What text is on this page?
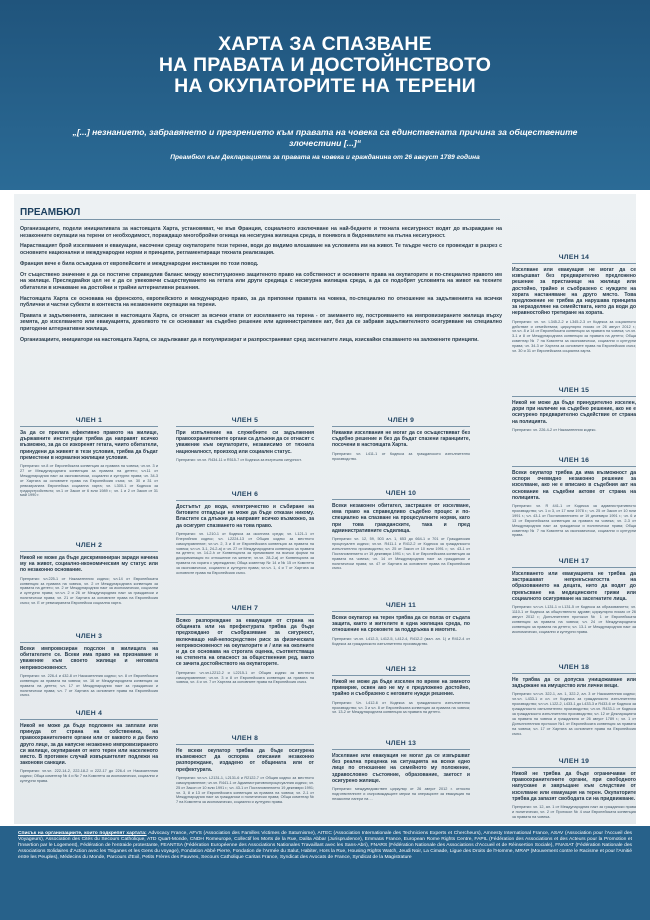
ХАРТА ЗА СПАЗВАНЕ
НА ПРАВАТА И ДОСТОЙНСТВОТО
НА ОКУПАТОРИТЕ НА ТЕРЕНИ

„[...] незнанието, забравянето и презрението към правата на човека са единствената причина за обществените злочестини [...]“

Преамбюл към Декларацията за правата на човека и гражданина от 26 август 1789 година

ПРЕАМБЮЛ

Организациите, подели инициативата за настоящата Харта, установяват, че във Франция, социалното изключване на най-бедните и тяхната несигурност водят до възраждане на незаконните окупации на терени от необходимост, пораждащо многобройни огнища на несигурна жилищна среда, в понякога в бидонвилите на пълна несигурност.

Нарастващият брой изселвания и евакуации, насочени срещу окупаторите тези терени, води до видимо влошаване на условията им на живот. Те таъдре често се провеждат в разрез с основните национални и международни норми и принципи, регламентиращи тяхната реализация.

Франция вече е била осъждана от европейските и международни инстанции по този повод.

От съществено значение е да се постигне справедлив баланс между конституционно защитеното право на собственост и основните права на окупаторите и по-специално правото им на жилище. Преследвайки цел не е да се увековечи съществуването на гетата или други средища с несигурна жилищна среда, а да се подобрят условията на живот на техните обитатели в изчакване на достойни и трайни алтернативни решения.

Настоящата Харта се основава на френското, европейското и международно право, за да припомни правата на човека, по-специално по отношение на задълженията на всички публични и частни субекти в контекста на незаконните окупации на терени.

Правата и задълженията, записани в настоящата Харта, се отнасят за всички етапи от изселването на терена - от заемането му, построяването на импровизираните жилища върху земята, до изселването или евакуацията, доколкото те се основават на съдебно решение или административен акт, без да се забравя задължителното осигуряване на специално пригодени алтернативни жилища.

Организациите, инициатори на настоящата Харта, се задължават да я популяризират и разпространяват сред засегнатите лица, изискайки спазването на заложените принципи.

ЧЛЕН 1
За да се прилага ефективно правото на жилище, държавните институции трябва да направят всичко възможно, за да се изкоренят гетата, чиито обитатели, принудени да живеят в тези условия, трябва да бъдат преместени в нормални жилищни условия.
Препратки: чл.8 от Европейската конвенция за правата на човека; чл.чл. 3 и 27 от Международната конвенция за правата на детето; чл.11 от Международния пакт за икономически, социални и културни права; чл. 34-3 от Хартата за основните права на Европейския съюз; чл. 30 и 31 от ревизираната Европейска социална харта; чл. L300-1 от Кодекса за градоустройството; чл.1 от Закон от 6 юли 1989 г.; чл. 1 и 2 от Закон от 31 май 1990 г.
ЧЛЕН 2
Никой не може да бъде дискриминиран заради начина му на живот, социално-икономическия му статус или по незаконно основание.
Препратки: чл.225-1 от Наказателния кодекс; чл.14 от Европейската конвенция за правата на човека, чл. 2 от Международната конвенция за правата на детето; чл. 2 от Международния пакт за икономически, социални и културни права; чл.чл. 2 и 26 от Международния пакт за граждански и политически права; чл. 21 от Хартата за основните права на Европейския съюз; чл. Е от ревизираната Европейска социална харта.
ЧЛЕН 3
Всеки импровизиран подслон в жилищата на обитателите се. Всеки има право на признаване и уважение към своето жилище и неговата неприкосновеност.
Препратки: чл. 226-4 и 432-8 от Наказателния кодекс; чл. 8 от Европейската конвенция за правата на човека; чл. 16 от Международната конвенция за правата на детето; чл. 17 от Международния пакт за граждански и политически права; чл. 7 от Хартата за основните права на Европейския съюз.
ЧЛЕН 4
Никой не може да бъде подложен на заплахи или принуда от страна на собственика, на правоохранителните органи или от каквото и да било друго лице, за да напусне незаконно импровизираното си жилище, окупирания от него терен или населеното място. В противен случай извършителят подлежи на законови санкции.
Препратки: чл.чл. 222-14-2, 222-18-2 и 222-17 до 226-4 от Наказателния кодекс; Обща коментар № 4 и № 7 на Комитета за икономически, социални и културни права.
ЧЛЕН 5
При изпълнение на служебните си задължения правоохранителните органи са длъжни да се отнасят с уважение към окупаторите, независимо от тяхната националност, произход или социален статус.
Препратки: чл.чл. R434-11 и R515-7 от Кодекса за вътрешна сигурност.
ЧЛЕН 6
Достъпът до вода, електричество и събиране на битовите отпадъци не може да бъде отказан никому. Властите са длъжни да направят всичко възможно, за да осигурят спазването на това право.
Препратки: чл. L210-1 от Кодекса за околната среда; чл. L121-1 от Енергийния кодекс; чл. L2224-13 от Общия кодекс за местното самоуправление; чл.чл. 2, 3 и 8 от Европейската конвенция за правата на човека; чл.чл. 3-1, 24-2-а) и чл. 27 от Международната конвенция за правата на детето; чл. 14-2-h от Конвенцията за премахване на всички форми на дискриминация по отношение на жените; чл.чл. 28-2-а) от Конвенцията за правата на хората с увреждания; Обща коментар № 14 и № 15 от Комитета за икономически, социални и културни права; чл.чл. 1, 4 и 7 от Хартата за основните права на Европейския съюз.
ЧЛЕН 7
Всяко разпореждане за евакуация от страна на общината или на префектурата трябва да бъде предхождано от съобразяване за сигурност, включващо най-непосредствен риск за физическата неприкосновеност на окупаторите и / или на околните и да се основава на строгата оценка, съответстваща на степента на опасност за общественния ред, както се зачита достойнството на окупаторите.
Препратки: чл.чл.L2212-2 и L2215-1 от Общия кодекс за местното самоуправление; чл.чл. 3 и 8 от Европейската конвенция за правата на човека, чл. 4 и чл. 7 от Хартата за основните права на Европейския съюз.
ЧЛЕН 8
Не всеки окупатор трябва да бъде осигурена възможност да оспорва описания незаконно разпореждане, издадено от общината или от префектурата.
Препратки: чл.чл. L2131-1, L2131-6 и R2122-7 от Общия кодекс за местното самоуправление; чл.чл. R441-1 от Административнопроцесуалния кодекс; чл. 25 от Закон от 10 юли 1991 г.; чл. 43-1 от Постановлението 19 декември 1991; чл. 3, 8 и 13 от Европейската конвенция за правата на човека; чл. 2-1 от Международния пакт за граждански и политически права; Обща коментар № 7 на Комитета за икономически, социални и културни права.
ЧЛЕН 9
Никакви изселвания не могат да се осъществяват без съдебно решение и без да бъдат спазени гаранциите, посочени в настоящата Харта.
Препратки: чл. L411-1 от Кодекса за гражданското изпълнително производство.
ЧЛЕН 10
Всеки незаконен обитател, застрашен от изселване, има право на справедливо съдебно процес и по-специално на спазване на процесуалните норми, като при това гражданските, така и пред административните съдилища.
Препратки: чл. 12, 59, 503 ал. 1, 653 до 664-1 и 701 от Гражданския процесуален кодекс; чл.чл. R411-1 и R412-2 от Кодекса за гражданското изпълнително производство; чл. 25 от Закон от 10 юли 1991 г.; чл. 43-1 от Постановлението от 19 декември 1991 г.; чл. 6 от Европейската конвенция за правата на човека; чл. 14 от Международния пакт за граждански и политически права; чл. 47 от Хартата за основните права на Европейския съюз.
ЧЛЕН 11
Всеки окупатор на терен трябва да се полза от съдата защита, както и жителите в една жилищна среда, по отношение на сроковете за поддръжка в имотите.
Препратки: чл.чл. L412-3, L412-5, L412-4, R412-2 (мал. ал. 1) и R412-4 от Кодекса за гражданското изпълнително производство.
ЧЛЕН 12
Никой не може да бъде изселен по време на зимното примирие, освен ако не му е предложено достойно, трайно и съобразено с неговите нужди решение.
Препратки: Чл. L412-6 от Кодекса за гражданското изпълнително производство; чл. 3 и чл. 8 от Европейската конвенция за правата на човека; чл. 13-2 от Международната конвенция за правата на детето.
ЧЛЕН 13
Изселване или евакуация не могат да се извършват без реална преценка на ситуацията на всеки едно лице по отношение на семейното му положение, здравословно състояние, образование, заетост и осигурено жилище.
Препратки: междуведомствен циркуляр от 26 август 2012 г. относно подготвителните и съпровождащите мерки на операциите за евакуация на незаконни лагери на ...
ЧЛЕН 14
Изселване или евакуация не могат да се извършват без предварително предложено решение за пристанище на жилище или достойно, трайно и съобразено с нуждите на хората настаняване на друго място. Това предложение не трябва да нарушава принципа за неразделяне на семействата, нито да води до неравностойно третиране на хората.
Препратки: чл. чл. L345-2-2 и L345-2-3 от Кодекса за социалното действие и семействата; циркулярно писмо от 26 август 2012 г.; чл.чл. 8 и 14 от Европейската конвенция за правата на човека; чл.чл. 3-1 и 8 от Международната конвенция за правата на детето; Обща коментар № 7 на Комитета за икономически, социални и културни права; чл. 34-3 от Хартата за основните права на Европейския съюз; чл. 30 и 31 от Европейската социална харта.
ЧЛЕН 15
Никой не може да бъде принудително изселен, дори при наличие на съдебно решение, ако не е осигурено предварително съдействие от страна на полицията.
Препратки: чл. 226-4-2 от Наказателния кодекс.
ЧЛЕН 16
Всеки окупатор трябва да има възможност да оспори очевидно незаконно решение за изселване, ако не е вписано в съдебния акт на основание на съдебни актове от страна на полицията.
Препратки: чл. R 441-1 от Кодекса за административното производство; чл. 1 и 3, от 17 юли 1978 г.; чл. 25 от Закон от 10 юли 1991 г.; чл. 43-1 от Постановлението от 19 декември 1991 г.; чл. 6 и 13 от Европейската конвенция за правата на човека; чл. 2-3 от Международния пакт за граждански и политически права; Обща коментар № 7 на Комитета за икономически, социални и културни права.
ЧЛЕН 17
Изселването или евакуацията не трябва да застрашават непрекъснатостта на образованието на децата, нито да водят до прекъсване на медицинските грижи или социалното осигуряване на засегнатите лица.
Препратки: чл.чл. L131-1 и L131-5 от Кодекса за образованието; чл. 1110-1 от Кодекса за общественото здраве; циркулярно писмо от 26 август 2012 г.; Допълнителен протокол № 1 от Европейската конвенция за правата на човека; чл. 24 от Международната конвенция за правата на детето; чл. 13-1 от Международния пакт за икономически, социални и културни права.
ЧЛЕН 18
Не трябва да се допуска унищожаване или задържане на имущество или лични вещи.
Препратки: чл.чл. 322-1, ал. 1, 322-2, ал. 3 от Наказателния кодекс; чл.чл. L433-1 и сл. от Кодекса за гражданското изпълнително производство; чл.чл. L122-2, L433-1 до L433-3 и R433-6 от Кодекса за гражданското изпълнително производство; чл.чл. R433-1 от Кодекса за гражданското изпълнително производство; чл. 12 от Декларацията за правата на човека и гражданина от 26 август 1789 г.; чл. 1 от Допълнителния протокол №1 от Европейската конвенция за правата на човека; чл. 17 от Хартата за основните права на Европейския съюз.
ЧЛЕН 19
Никой не трябва да бъде ограничаван от правоохранителните органи, при свободното напускане и завръщане към следствие от изселване или евакуация на терен. Окупаторите трябва да запазят свободата си на придвижване.
Препратки: чл. 12, ал. 1 от Международния пакт за граждански права и политически, чл. 2 от Протокол № 4 към Европейската конвенция за правата на човека.

Списък на организациите, които подкрепят хартата: Advocacy France, AFVS (Association des Familles Victimes de Saturnisme), AITEC (Association Internationale des Techniciens Experts et Chercheurs), Amnesty International France, ASAV (Association pour l'Accueil des Voyageurs), Association des Cités du Secours Catholique, ATD Quart-Monde, CNDH Romeurope, Collectif les Morts de la Rue, Dalita Abbar (Jurisprudence), Emmaüs France, European Rome Rights Centre, FAPIL (Fédération des Associations et des Acteurs pour la Promotion et l'Insertion par le Logement), Fédération de l'entraide protestante, FEANTSA (Fédération Européenne des Associations Nationales Travaillant avec les Sans-Abri), FNARS (Fédération Nationale des Associations d'Accueil et de Réinsertion Sociale), FNASAT (Fédération Nationale des Associations Solidaires d'Action avec les Tsiganes et les Gens du voyage), Fondation Abbé Pierre, Fondation de l'Armée du Salut, Habiter, Hors la Rue, Housing Rights Watch, Jeudi Noir, La Cimade, Ligue des Droits de l'Homme, MRAP (Mouvement contre le Racisme et pour l'Amitié entre les Peuples), Médecins du Monde, Parcours d'Exil, Petits Frères des Pauvres, Secours Catholique Caritas France, Syndicat des Avocats de France, Syndicat de la Magistrature
